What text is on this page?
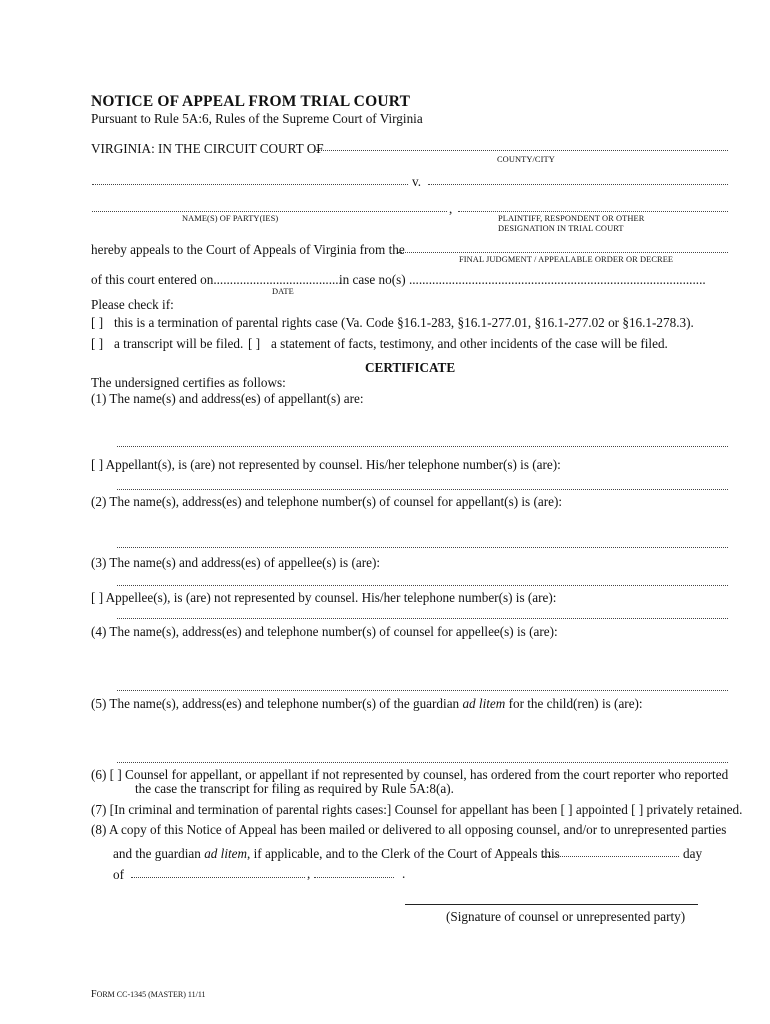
NOTICE OF APPEAL FROM TRIAL COURT
Pursuant to Rule 5A:6, Rules of the Supreme Court of Virginia
VIRGINIA: IN THE CIRCUIT COURT OF
COUNTY/CITY
v.
,
NAME(S) OF PARTY(IES)	PLAINTIFF, RESPONDENT OR OTHER
DESIGNATION IN TRIAL COURT
hereby appeals to the Court of Appeals of Virginia from the
FINAL JUDGMENT / APPEALABLE ORDER OR DECREE
of this court entered on.......................................
in case no(s) ..........................................................................................
DATE
Please check if:
[ ] this is a termination of parental rights case (Va. Code §16.1-283, §16.1-277.01, §16.1-277.02 or §16.1-278.3).
[ ] a transcript will be filed. [ ] a statement of facts, testimony, and other incidents of the case will be filed.
CERTIFICATE
The undersigned certifies as follows:
(1) The name(s) and address(es) of appellant(s) are:
[ ] Appellant(s), is (are) not represented by counsel. His/her telephone number(s) is (are):
(2) The name(s), address(es) and telephone number(s) of counsel for appellant(s) is (are):
(3) The name(s) and address(es) of appellee(s) is (are):
[ ] Appellee(s), is (are) not represented by counsel. His/her telephone number(s) is (are):
(4) The name(s), address(es) and telephone number(s) of counsel for appellee(s) is (are):
(5) The name(s), address(es) and telephone number(s) of the guardian ad litem for the child(ren) is (are):
(6) [ ] Counsel for appellant, or appellant if not represented by counsel, has ordered from the court reporter who reported
the case the transcript for filing as required by Rule 5A:8(a).
(7) [In criminal and termination of parental rights cases:] Counsel for appellant has been [ ] appointed [ ] privately retained.
(8) A copy of this Notice of Appeal has been mailed or delivered to all opposing counsel, and/or to unrepresented parties
and the guardian ad litem, if applicable, and to the Clerk of the Court of Appeals this	day
of	,	.
(Signature of counsel or unrepresented party)
FORM CC-1345 (MASTER) 11/11
